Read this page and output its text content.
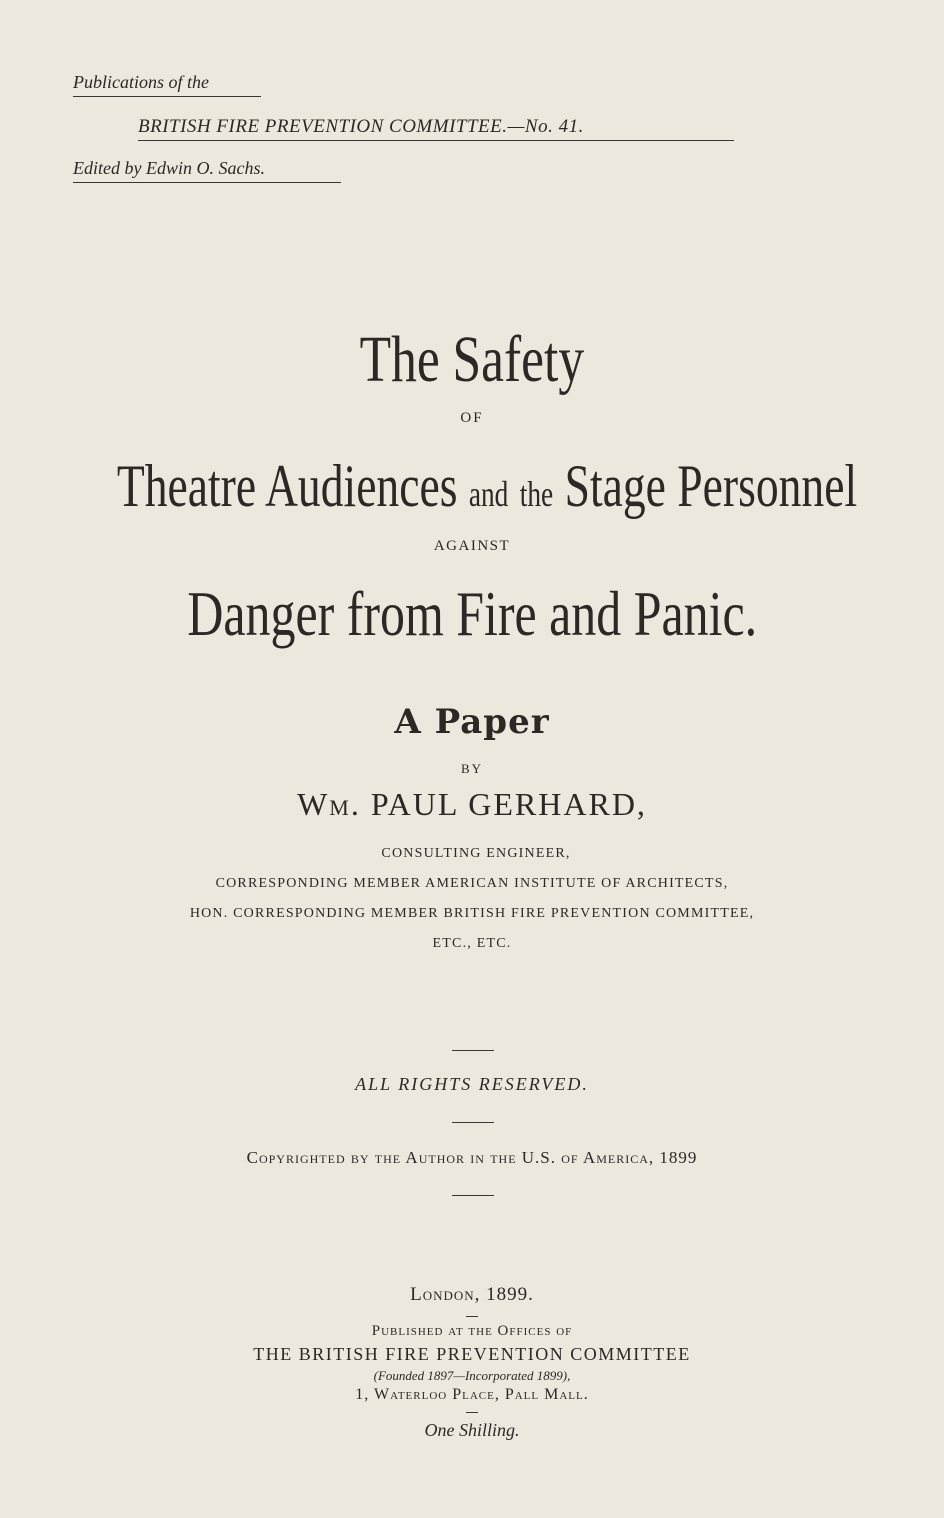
Publications of the
BRITISH FIRE PREVENTION COMMITTEE.—No. 41.
Edited by Edwin O. Sachs.
The Safety
OF
Theatre Audiences and the Stage Personnel
AGAINST
Danger from Fire and Panic.
A Paper
BY
Wm. PAUL GERHARD,
CONSULTING ENGINEER,
CORRESPONDING MEMBER AMERICAN INSTITUTE OF ARCHITECTS,
HON. CORRESPONDING MEMBER BRITISH FIRE PREVENTION COMMITTEE,
ETC., ETC.
ALL RIGHTS RESERVED.
Copyrighted by the Author in the U.S. of America, 1899
London, 1899.
Published at the Offices of
THE BRITISH FIRE PREVENTION COMMITTEE
(Founded 1897—Incorporated 1899),
1, Waterloo Place, Pall Mall.
One Shilling.
